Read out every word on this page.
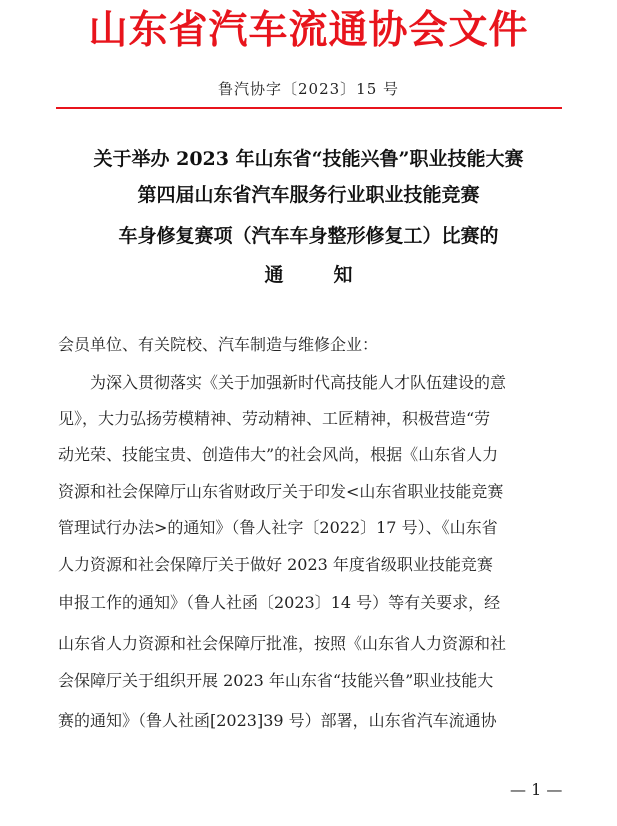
山东省汽车流通协会文件
鲁汽协字〔2023〕15 号
关于举办 2023 年山东省“技能兴鲁”职业技能大赛
第四届山东省汽车服务行业职业技能竞赛
车身修复赛项（汽车车身整形修复工）比赛的
通知
会员单位、有关院校、汽车制造与维修企业：
　　为深入贯彻落实《关于加强新时代高技能人才队伍建设的意
见》，大力弘扬劳模精神、劳动精神、工匠精神，积极营造“劳
动光荣、技能宝贵、创造伟大”的社会风尚，根据《山东省人力
资源和社会保障厅山东省财政厅关于印发<山东省职业技能竞赛
管理试行办法>的通知》（鲁人社字〔2022〕17 号）、《山东省
人力资源和社会保障厅关于做好 2023 年度省级职业技能竞赛
申报工作的通知》（鲁人社函〔2023〕14 号）等有关要求，经
山东省人力资源和社会保障厅批准，按照《山东省人力资源和社
会保障厅关于组织开展 2023 年山东省“技能兴鲁”职业技能大
赛的通知》（鲁人社函[2023]39 号）部署，山东省汽车流通协
— 1 —
